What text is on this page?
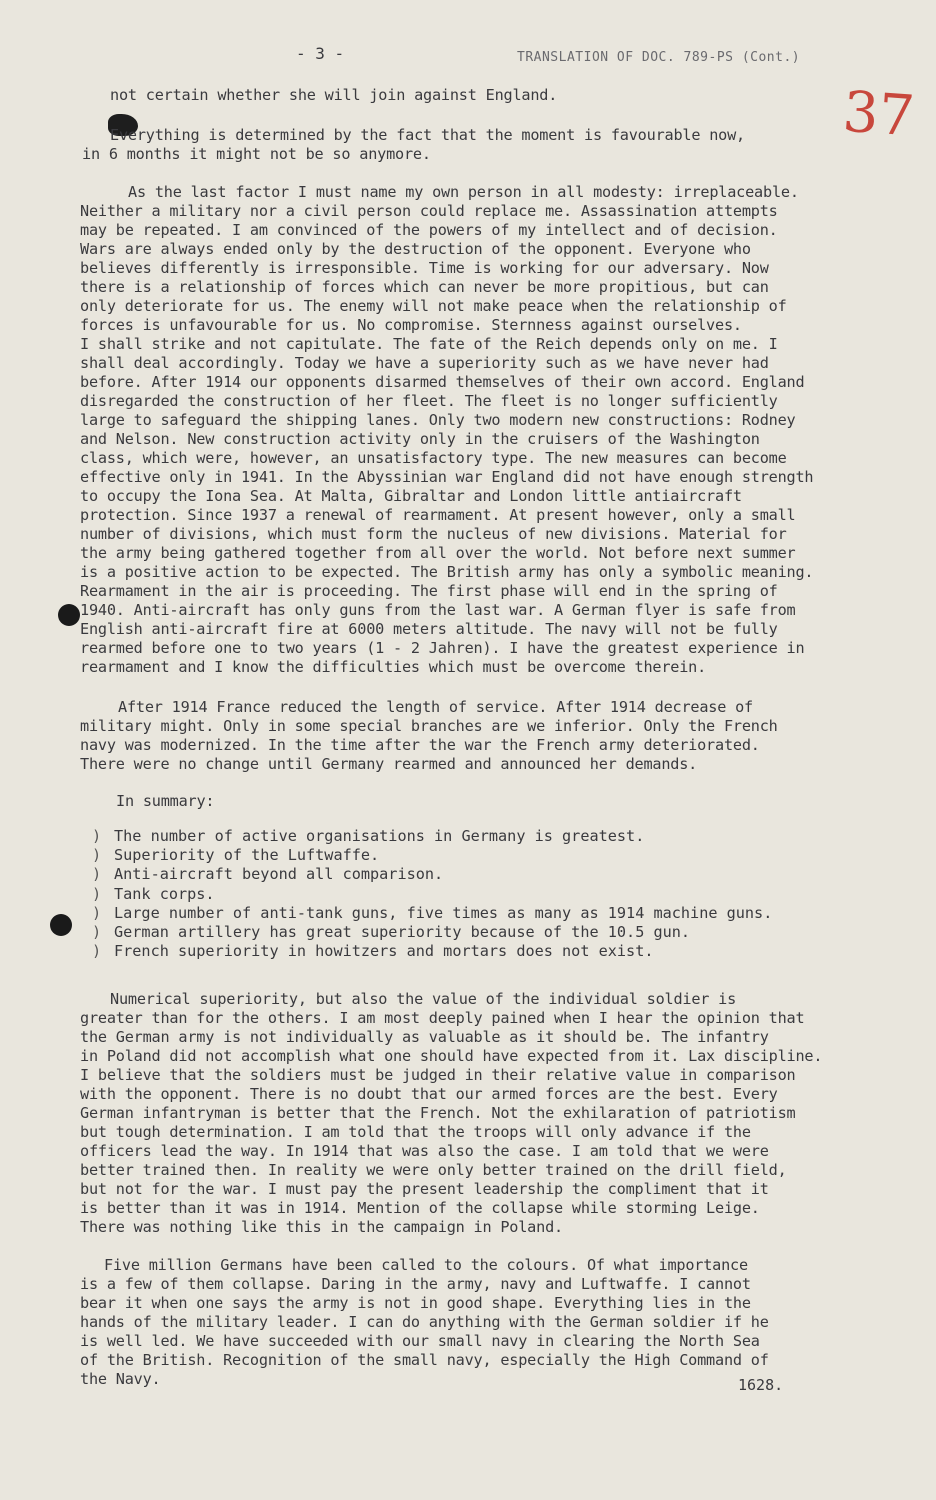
- 3 -	TRANSLATION OF DOC. 789-PS (Cont.)
37
not certain whether she will join against England.
Everything is determined by the fact that the moment is favourable now,
in 6 months it might not be so anymore.
As the last factor I must name my own person in all modesty: irreplaceable.
Neither a military nor a civil person could replace me. Assassination attempts
may be repeated. I am convinced of the powers of my intellect and of decision.
Wars are always ended only by the destruction of the opponent. Everyone who
believes differently is irresponsible. Time is working for our adversary. Now
there is a relationship of forces which can never be more propitious, but can
only deteriorate for us. The enemy will not make peace when the relationship of
forces is unfavourable for us. No compromise. Sternness against ourselves.
I shall strike and not capitulate. The fate of the Reich depends only on me. I
shall deal accordingly. Today we have a superiority such as we have never had
before. After 1914 our opponents disarmed themselves of their own accord. England
disregarded the construction of her fleet. The fleet is no longer sufficiently
large to safeguard the shipping lanes. Only two modern new constructions: Rodney
and Nelson. New construction activity only in the cruisers of the Washington
class, which were, however, an unsatisfactory type. The new measures can become
effective only in 1941. In the Abyssinian war England did not have enough strength
to occupy the Iona Sea. At Malta, Gibraltar and London little antiaircraft
protection. Since 1937 a renewal of rearmament. At present however, only a small
number of divisions, which must form the nucleus of new divisions. Material for
the army being gathered together from all over the world. Not before next summer
is a positive action to be expected. The British army has only a symbolic meaning.
Rearmament in the air is proceeding. The first phase will end in the spring of
1940. Anti-aircraft has only guns from the last war. A German flyer is safe from
English anti-aircraft fire at 6000 meters altitude. The navy will not be fully
rearmed before one to two years (1 - 2 Jahren). I have the greatest experience in
rearmament and I know the difficulties which must be overcome therein.
After 1914 France reduced the length of service. After 1914 decrease of
military might. Only in some special branches are we inferior. Only the French
navy was modernized. In the time after the war the French army deteriorated.
There were no change until Germany rearmed and announced her demands.
In summary:
)
)
)
)
)
)
)
The number of active organisations in Germany is greatest.
Superiority of the Luftwaffe.
Anti-aircraft beyond all comparison.
Tank corps.
Large number of anti-tank guns, five times as many as 1914 machine guns.
German artillery has great superiority because of the 10.5 gun.
French superiority in howitzers and mortars does not exist.
Numerical superiority, but also the value of the individual soldier is
greater than for the others. I am most deeply pained when I hear the opinion that
the German army is not individually as valuable as it should be. The infantry
in Poland did not accomplish what one should have expected from it. Lax discipline.
I believe that the soldiers must be judged in their relative value in comparison
with the opponent. There is no doubt that our armed forces are the best. Every
German infantryman is better that the French. Not the exhilaration of patriotism
but tough determination. I am told that the troops will only advance if the
officers lead the way. In 1914 that was also the case. I am told that we were
better trained then. In reality we were only better trained on the drill field,
but not for the war. I must pay the present leadership the compliment that it
is better than it was in 1914. Mention of the collapse while storming Leige.
There was nothing like this in the campaign in Poland.
Five million Germans have been called to the colours. Of what importance
is a few of them collapse. Daring in the army, navy and Luftwaffe. I cannot
bear it when one says the army is not in good shape. Everything lies in the
hands of the military leader. I can do anything with the German soldier if he
is well led. We have succeeded with our small navy in clearing the North Sea
of the British. Recognition of the small navy, especially the High Command of
the Navy.	1628.
